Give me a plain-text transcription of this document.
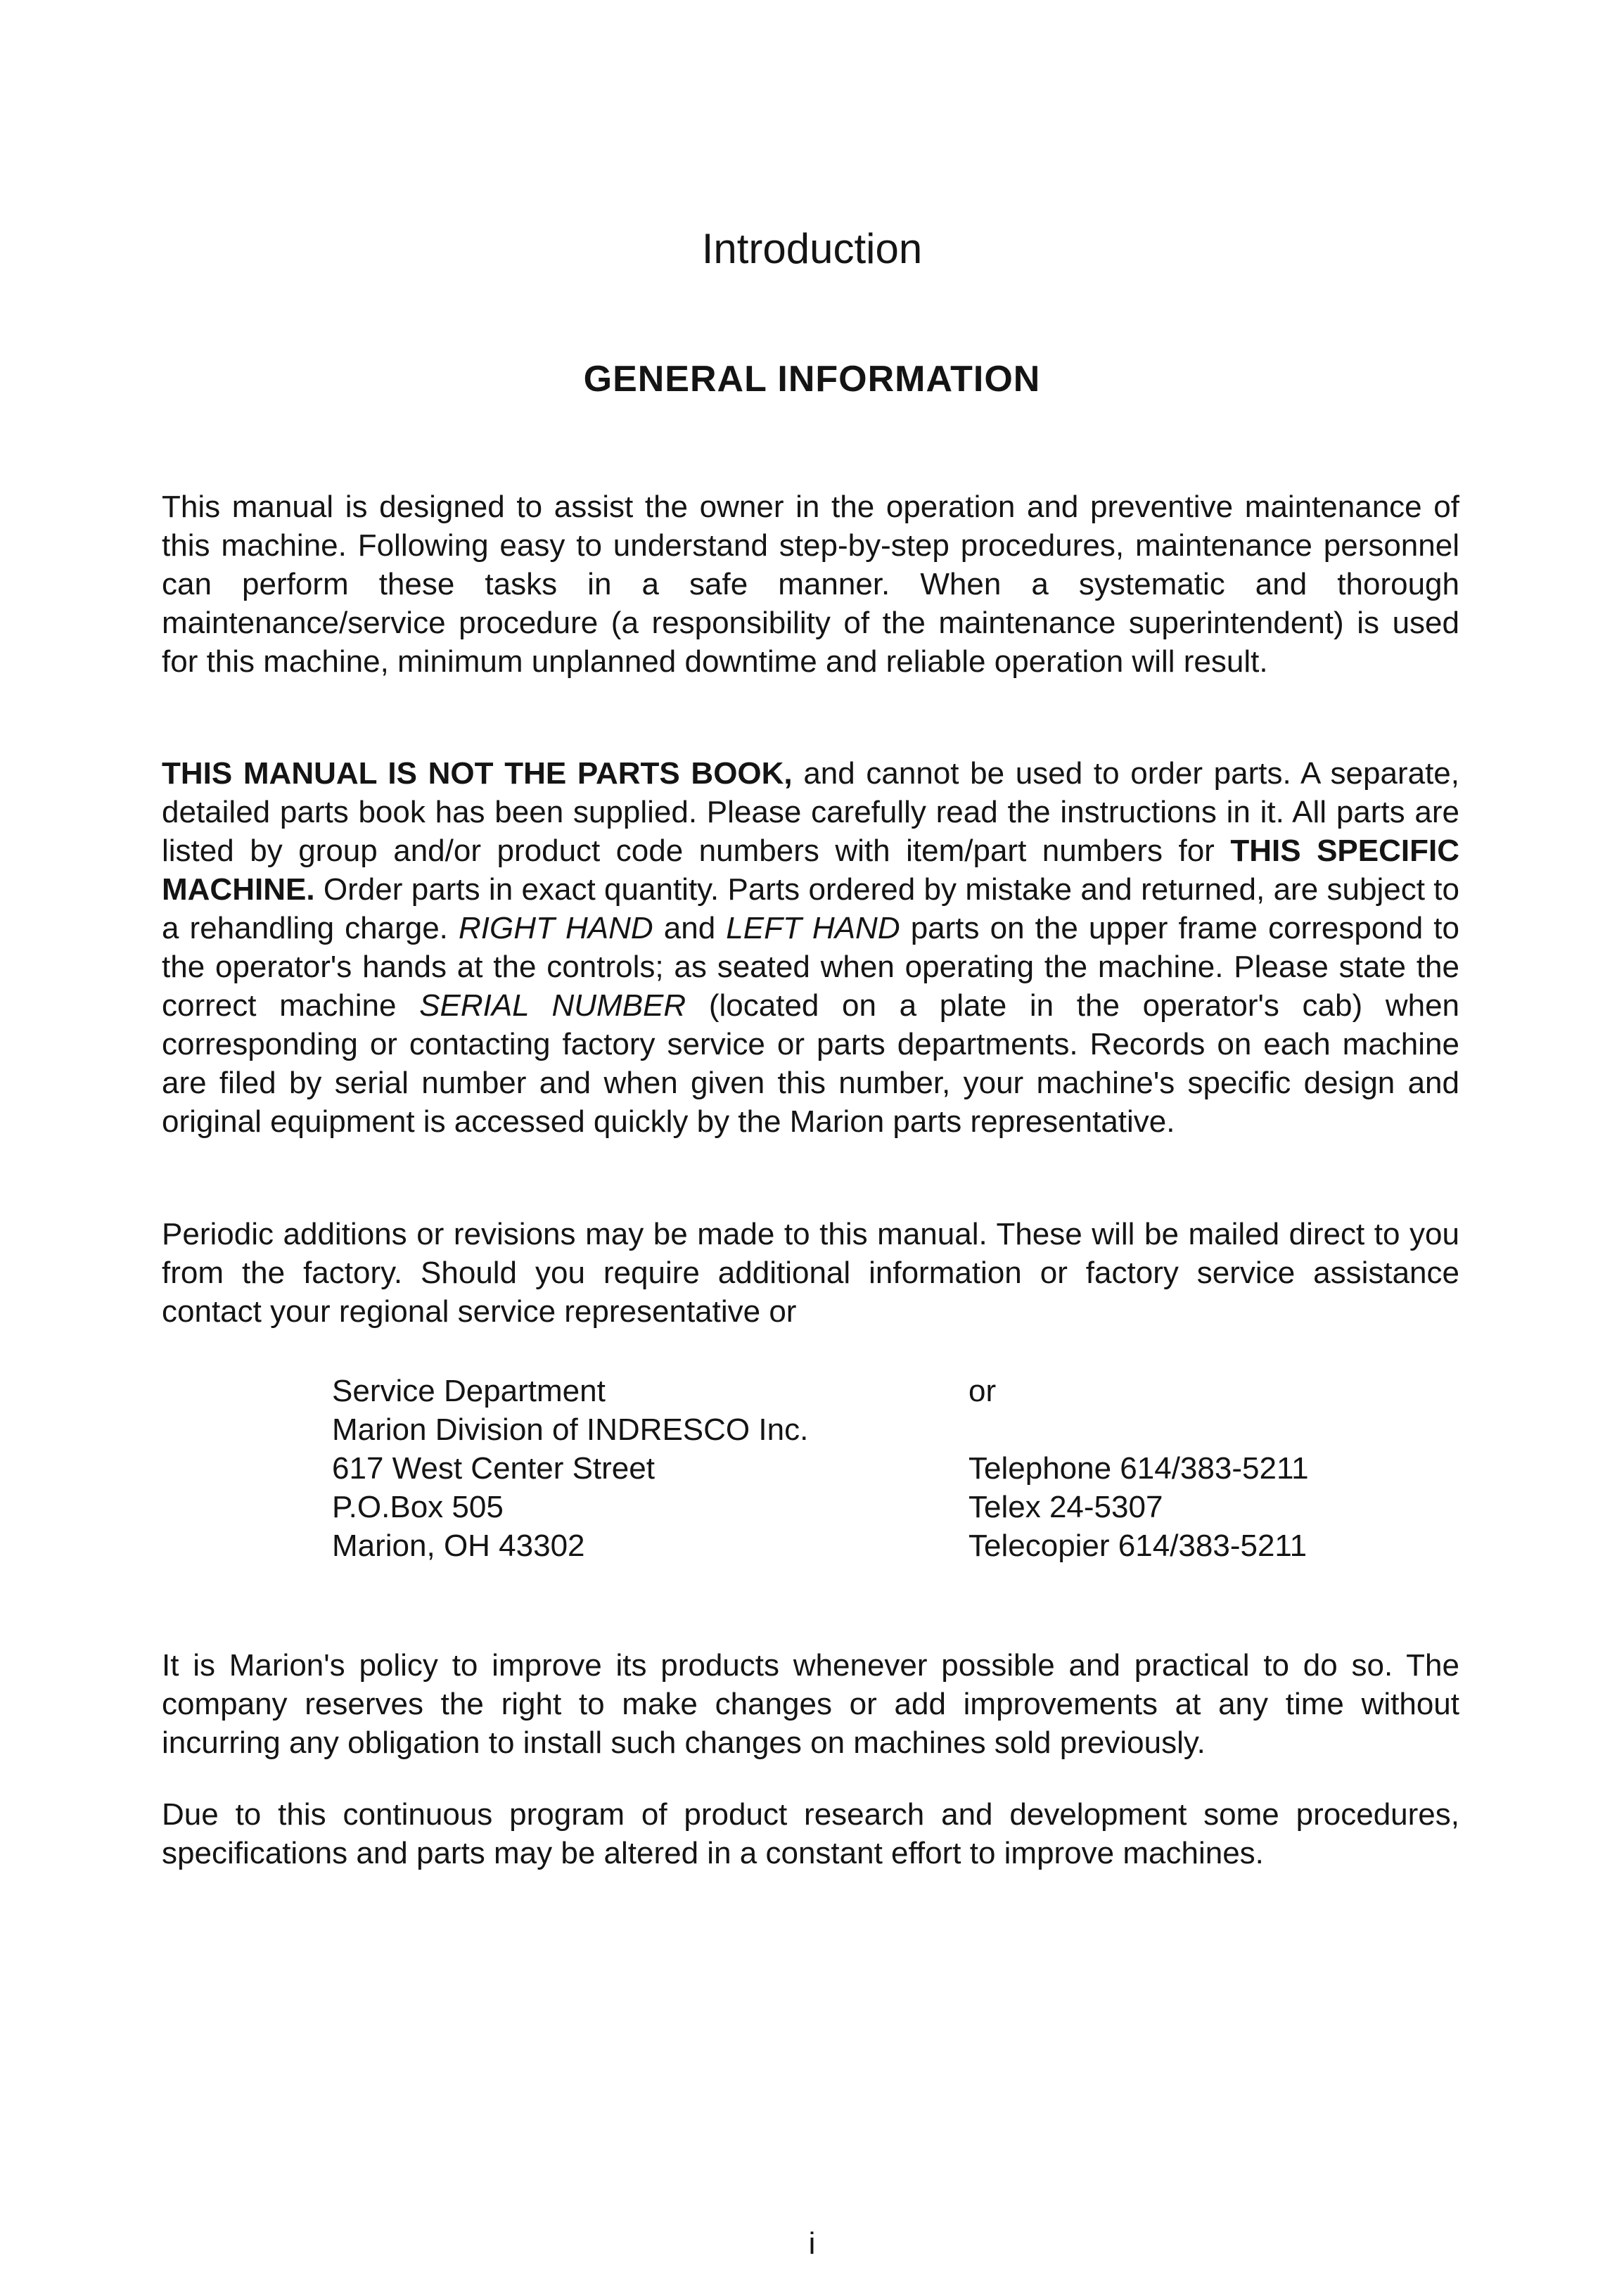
Introduction
GENERAL INFORMATION

This manual is designed to assist the owner in the operation and preventive maintenance of this machine. Following easy to understand step-by-step procedures, maintenance personnel can perform these tasks in a safe manner. When a systematic and thorough maintenance/service procedure (a responsibility of the maintenance superintendent) is used for this machine, minimum unplanned downtime and reliable operation will result.

THIS MANUAL IS NOT THE PARTS BOOK, and cannot be used to order parts. A separate, detailed parts book has been supplied. Please carefully read the instructions in it. All parts are listed by group and/or product code numbers with item/part numbers for THIS SPECIFIC MACHINE. Order parts in exact quantity. Parts ordered by mistake and returned, are subject to a rehandling charge. RIGHT HAND and LEFT HAND parts on the upper frame correspond to the operator's hands at the controls; as seated when operating the machine. Please state the correct machine SERIAL NUMBER (located on a plate in the operator's cab) when corresponding or contacting factory service or parts departments. Records on each machine are filed by serial number and when given this number, your machine's specific design and original equipment is accessed quickly by the Marion parts representative.

Periodic additions or revisions may be made to this manual. These will be mailed direct to you from the factory. Should you require additional information or factory service assistance contact your regional service representative or

Service Department	or
Marion Division of INDRESCO Inc.
617 West Center Street	Telephone 614/383-5211
P.O.Box 505	Telex 24-5307
Marion, OH 43302	Telecopier 614/383-5211

It is Marion's policy to improve its products whenever possible and practical to do so. The company reserves the right to make changes or add improvements at any time without incurring any obligation to install such changes on machines sold previously.

Due to this continuous program of product research and development some procedures, specifications and parts may be altered in a constant effort to improve machines.

i
